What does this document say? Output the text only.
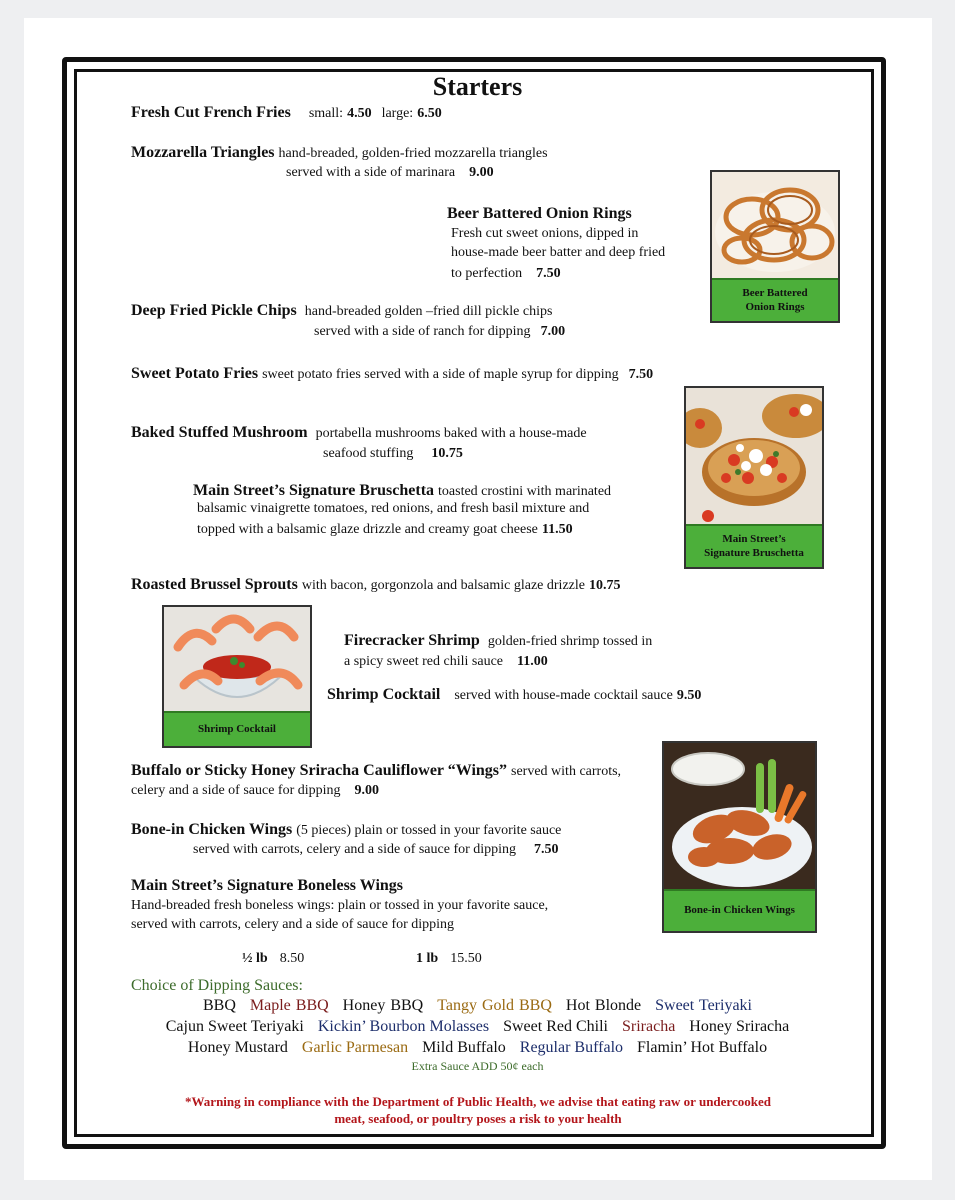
Starters
Fresh Cut French Fries small: 4.50 large: 6.50
Mozzarella Triangles hand-breaded, golden-fried mozzarella triangles
served with a side of marinara 9.00
Beer Battered Onion Rings
Fresh cut sweet onions, dipped in
house-made beer batter and deep fried
to perfection 7.50
Beer Battered
Onion Rings
Deep Fried Pickle Chips hand-breaded golden –fried dill pickle chips
served with a side of ranch for dipping 7.00
Sweet Potato Fries sweet potato fries served with a side of maple syrup for dipping 7.50
Main Street’s
Signature Bruschetta
Baked Stuffed Mushroom portabella mushrooms baked with a house-made
seafood stuffing 10.75
Main Street’s Signature Bruschetta toasted crostini with marinated
balsamic vinaigrette tomatoes, red onions, and fresh basil mixture and
topped with a balsamic glaze drizzle and creamy goat cheese 11.50
Roasted Brussel Sprouts with bacon, gorgonzola and balsamic glaze drizzle 10.75
Shrimp Cocktail
Firecracker Shrimp golden-fried shrimp tossed in
a spicy sweet red chili sauce 11.00
Shrimp Cocktail served with house-made cocktail sauce 9.50
Bone-in Chicken Wings
Buffalo or Sticky Honey Sriracha Cauliflower “Wings” served with carrots,
celery and a side of sauce for dipping 9.00
Bone-in Chicken Wings (5 pieces) plain or tossed in your favorite sauce
served with carrots, celery and a side of sauce for dipping 7.50
Main Street’s Signature Boneless Wings
Hand-breaded fresh boneless wings: plain or tossed in your favorite sauce,
served with carrots, celery and a side of sauce for dipping
½ lb 8.50	1 lb 15.50
Choice of Dipping Sauces:
BBQ Maple BBQ Honey BBQ Tangy Gold BBQ Hot Blonde Sweet Teriyaki
Cajun Sweet Teriyaki Kickin’ Bourbon Molasses Sweet Red Chili Sriracha Honey Sriracha
Honey Mustard Garlic Parmesan Mild Buffalo Regular Buffalo Flamin’ Hot Buffalo
Extra Sauce ADD 50¢ each
*Warning in compliance with the Department of Public Health, we advise that eating raw or undercooked
meat, seafood, or poultry poses a risk to your health
